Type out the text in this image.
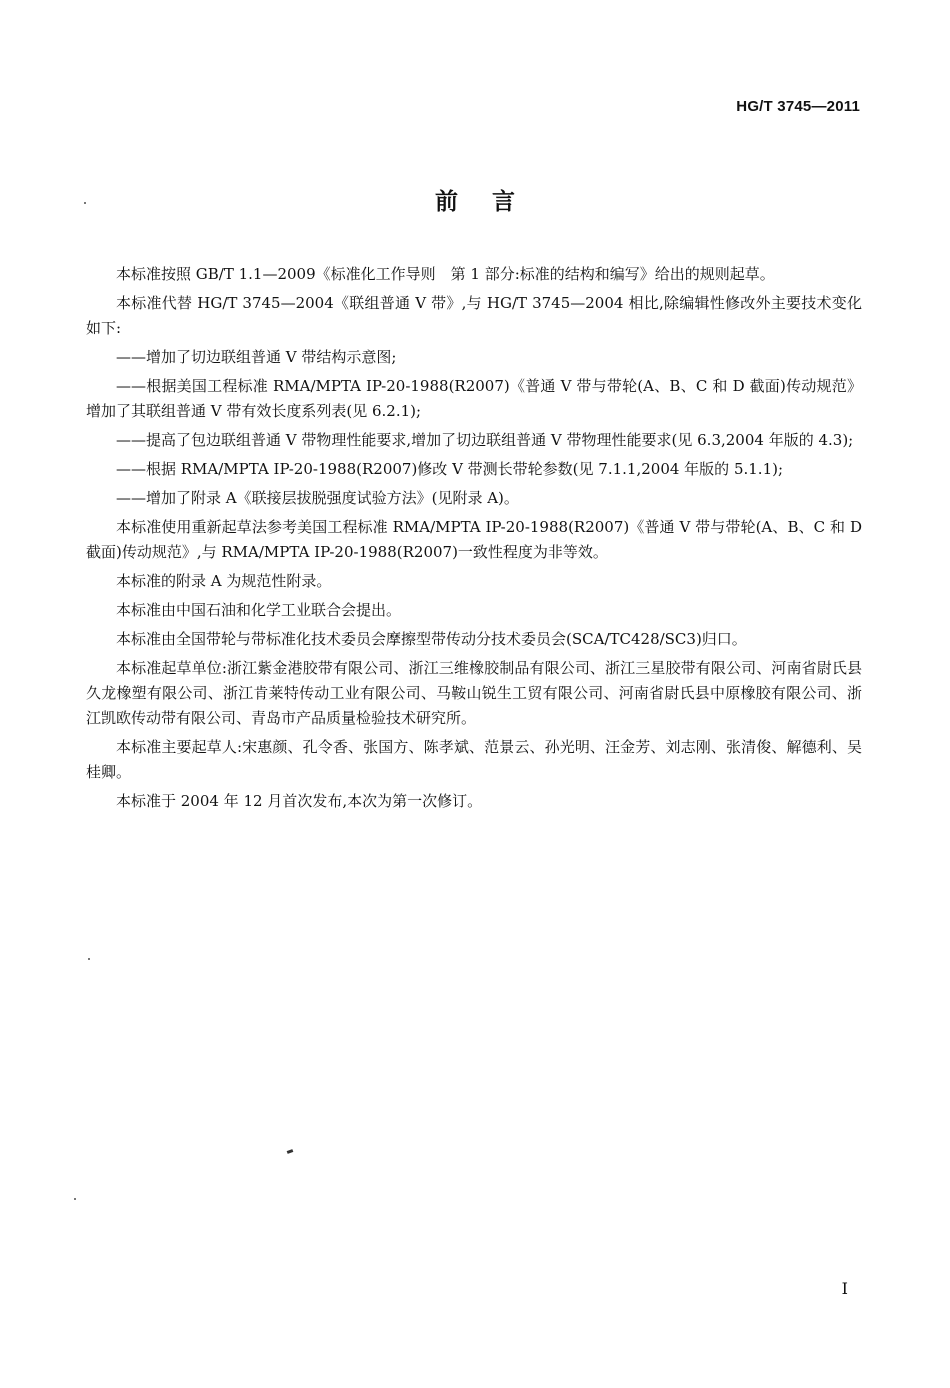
HG/T 3745—2011
前言

本标准按照 GB/T 1.1—2009《标准化工作导则　第 1 部分:标准的结构和编写》给出的规则起草。

本标准代替 HG/T 3745—2004《联组普通 V 带》,与 HG/T 3745—2004 相比,除编辑性修改外主要技术变化如下:

——增加了切边联组普通 V 带结构示意图;

——根据美国工程标准 RMA/MPTA IP-20-1988(R2007)《普通 V 带与带轮(A、B、C 和 D 截面)传动规范》增加了其联组普通 V 带有效长度系列表(见 6.2.1);

——提高了包边联组普通 V 带物理性能要求,增加了切边联组普通 V 带物理性能要求(见 6.3,2004 年版的 4.3);

——根据 RMA/MPTA IP-20-1988(R2007)修改 V 带测长带轮参数(见 7.1.1,2004 年版的 5.1.1);

——增加了附录 A《联接层拔脱强度试验方法》(见附录 A)。

本标准使用重新起草法参考美国工程标准 RMA/MPTA IP-20-1988(R2007)《普通 V 带与带轮(A、B、C 和 D 截面)传动规范》,与 RMA/MPTA IP-20-1988(R2007)一致性程度为非等效。

本标准的附录 A 为规范性附录。

本标准由中国石油和化学工业联合会提出。

本标准由全国带轮与带标准化技术委员会摩擦型带传动分技术委员会(SCA/TC428/SC3)归口。

本标准起草单位:浙江紫金港胶带有限公司、浙江三维橡胶制品有限公司、浙江三星胶带有限公司、河南省尉氏县久龙橡塑有限公司、浙江肯莱特传动工业有限公司、马鞍山锐生工贸有限公司、河南省尉氏县中原橡胶有限公司、浙江凯欧传动带有限公司、青岛市产品质量检验技术研究所。

本标准主要起草人:宋惠颜、孔令香、张国方、陈孝斌、范景云、孙光明、汪金芳、刘志刚、张清俊、解德利、吴桂卿。

本标准于 2004 年 12 月首次发布,本次为第一次修订。

I
